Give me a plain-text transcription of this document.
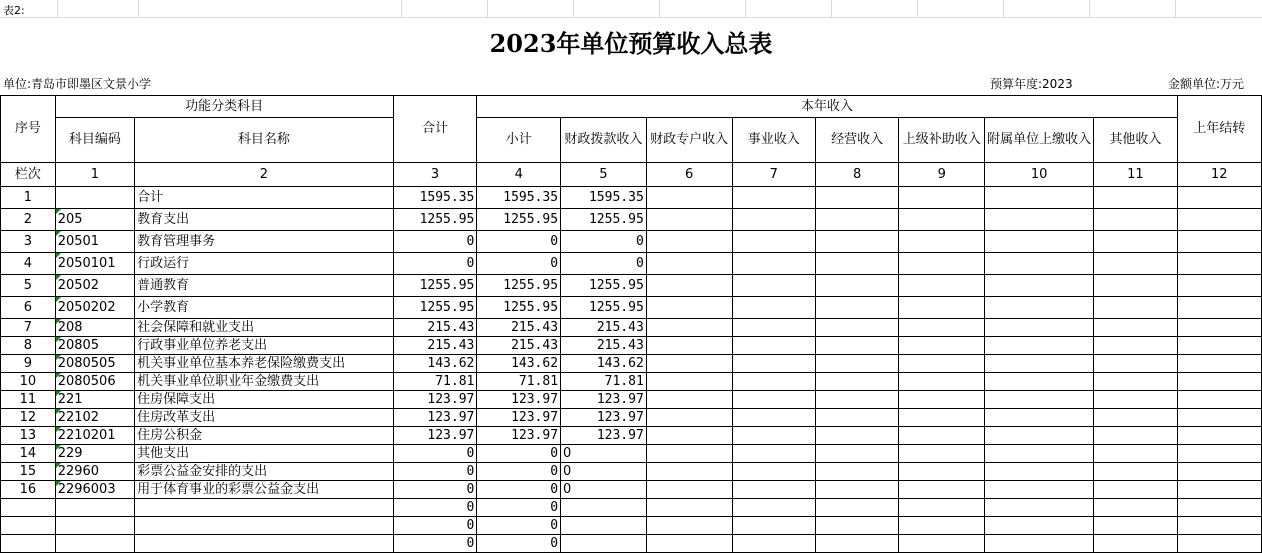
表2:
2023年单位预算收入总表
单位:青岛市即墨区文景小学	预算年度:2023	金额单位:万元
序号	功能分类科目		合计	本年收入								上年结转
	科目编码	科目名称		小计	财政拨款收入	财政专户收入	事业收入	经营收入	上级补助收入	附属单位上缴收入	其他收入	
栏次	1	2	3	4	5	6	7	8	9	10	11	12
1		合计	1595.35	1595.35	1595.35							
2	205	教育支出	1255.95	1255.95	1255.95							
3	20501	教育管理事务	0	0	0							
4	2050101	行政运行	0	0	0							
5	20502	普通教育	1255.95	1255.95	1255.95							
6	2050202	小学教育	1255.95	1255.95	1255.95							
7	208	社会保障和就业支出	215.43	215.43	215.43							
8	20805	行政事业单位养老支出	215.43	215.43	215.43							
9	2080505	机关事业单位基本养老保险缴费支出	143.62	143.62	143.62							
10	2080506	机关事业单位职业年金缴费支出	71.81	71.81	71.81							
11	221	住房保障支出	123.97	123.97	123.97							
12	22102	住房改革支出	123.97	123.97	123.97							
13	2210201	住房公积金	123.97	123.97	123.97							
14	229	其他支出	0	0	0							
15	22960	彩票公益金安排的支出	0	0	0							
16	2296003	用于体育事业的彩票公益金支出	0	0	0							
			0	0								
			0	0								
			0	0								
